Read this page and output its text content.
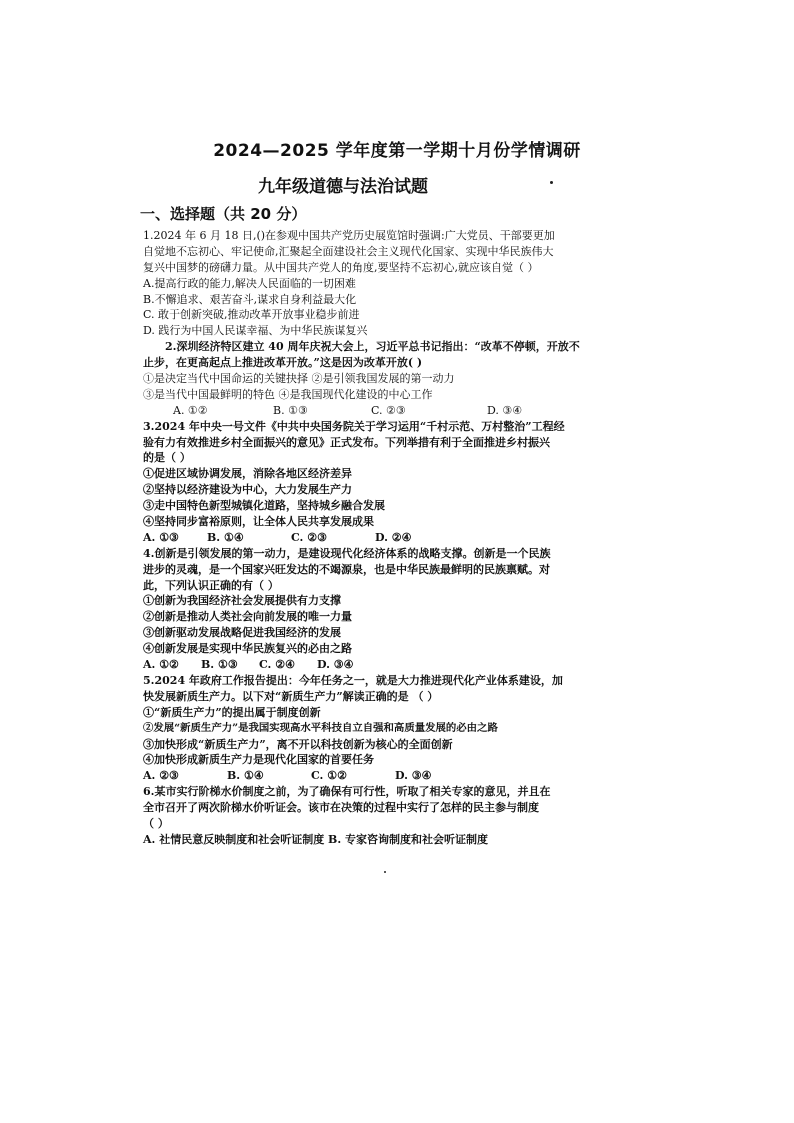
2024—2025 学年度第一学期十月份学情调研
九年级道德与法治试题
一、选择题（共 20 分）
1.2024 年 6 月 18 日,()在参观中国共产党历史展览馆时强调:广大党员、干部要更加
自觉地不忘初心、牢记使命,汇聚起全面建设社会主义现代化国家、实现中华民族伟大
复兴中国梦的磅礴力量。从中国共产党人的角度,要坚持不忘初心,就应该自觉（ ）
A.提高行政的能力,解决人民面临的一切困难
B.不懈追求、艰苦奋斗,谋求自身利益最大化
C. 敢于创新突破,推动改革开放事业稳步前进
D. 践行为中国人民谋幸福、为中华民族谋复兴
2.深圳经济特区建立 40 周年庆祝大会上，习近平总书记指出：“改革不停顿，开放不
止步，在更高起点上推进改革开放。”这是因为改革开放( )
①是决定当代中国命运的关键抉择 ②是引领我国发展的第一动力
③是当代中国最鲜明的特色 ④是我国现代化建设的中心工作
A. ①②	B. ①③	C. ②③	D. ③④
3.2024 年中央一号文件《中共中央国务院关于学习运用“千村示范、万村整治”工程经
验有力有效推进乡村全面振兴的意见》正式发布。下列举措有利于全面推进乡村振兴
的是（ ）
①促进区域协调发展，消除各地区经济差异
②坚持以经济建设为中心，大力发展生产力
③走中国特色新型城镇化道路，坚持城乡融合发展
④坚持同步富裕原则，让全体人民共享发展成果
A. ①③	B. ①④	C. ②③	D. ②④
4.创新是引领发展的第一动力，是建设现代化经济体系的战略支撑。创新是一个民族
进步的灵魂，是一个国家兴旺发达的不竭源泉，也是中华民族最鲜明的民族禀赋。对
此，下列认识正确的有（ ）
①创新为我国经济社会发展提供有力支撑
②创新是推动人类社会向前发展的唯一力量
③创新驱动发展战略促进我国经济的发展
④创新发展是实现中华民族复兴的必由之路
A. ①②	B. ①③	C. ②④	D. ③④
5.2024 年政府工作报告提出：今年任务之一，就是大力推进现代化产业体系建设，加
快发展新质生产力。以下对“新质生产力”解读正确的是 （ ）
①“新质生产力”的提出属于制度创新
②发展“新质生产力”是我国实现高水平科技自立自强和高质量发展的必由之路
③加快形成“新质生产力”，离不开以科技创新为核心的全面创新
④加快形成新质生产力是现代化国家的首要任务
A. ②③	B. ①④	C. ①②	D. ③④
6.某市实行阶梯水价制度之前，为了确保有可行性，听取了相关专家的意见，并且在
全市召开了两次阶梯水价听证会。该市在决策的过程中实行了怎样的民主参与制度
（ ）
A. 社情民意反映制度和社会听证制度 B. 专家咨询制度和社会听证制度
